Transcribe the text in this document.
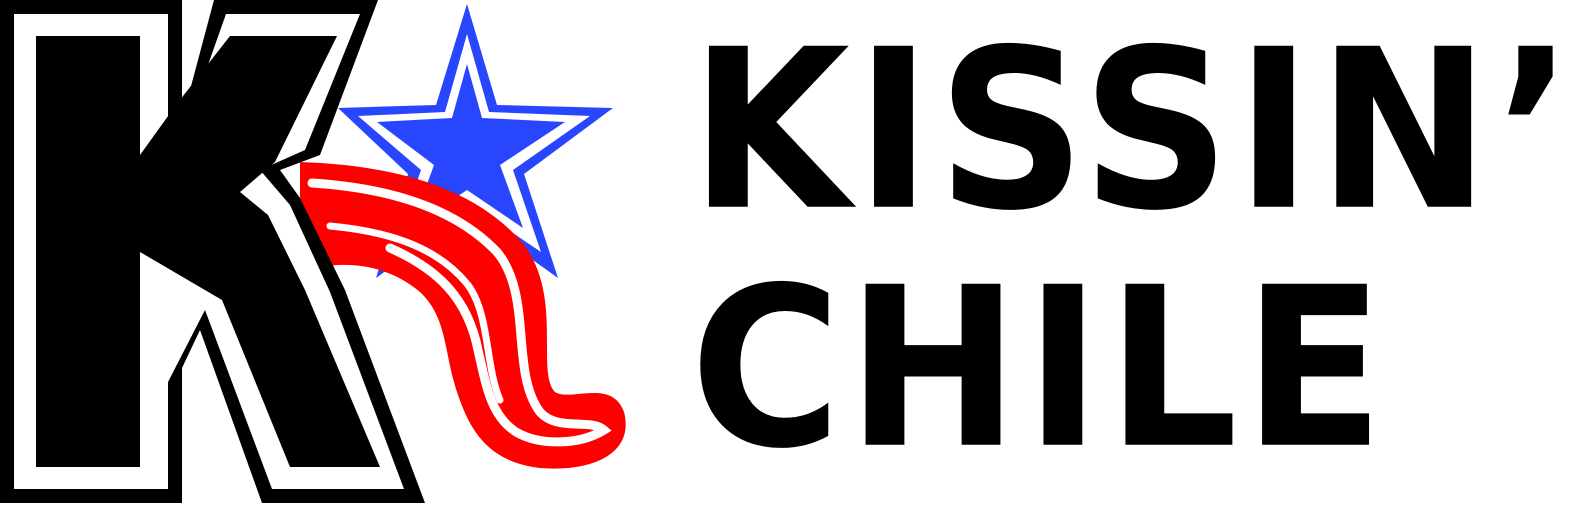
KISSIN’

CHILE
